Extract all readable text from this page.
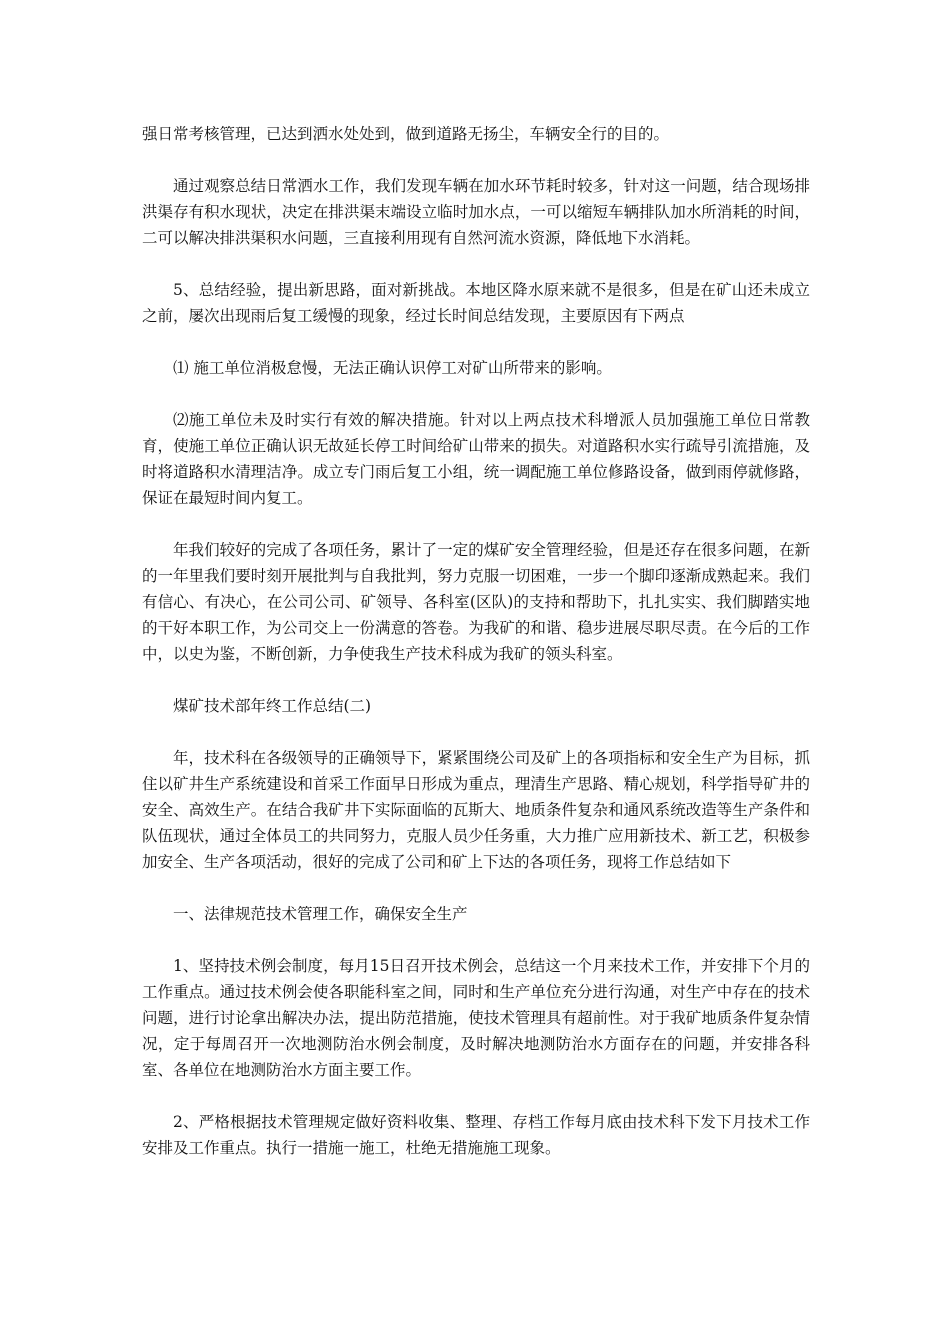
强日常考核管理，已达到洒水处处到，做到道路无扬尘，车辆安全行的目的。

通过观察总结日常洒水工作，我们发现车辆在加水环节耗时较多，针对这一问题，结合现场排洪渠存有积水现状，决定在排洪渠末端设立临时加水点，一可以缩短车辆排队加水所消耗的时间，二可以解决排洪渠积水问题，三直接利用现有自然河流水资源，降低地下水消耗。

5、总结经验，提出新思路，面对新挑战。本地区降水原来就不是很多，但是在矿山还未成立之前，屡次出现雨后复工缓慢的现象，经过长时间总结发现，主要原因有下两点

⑴ 施工单位消极怠慢，无法正确认识停工对矿山所带来的影响。

⑵施工单位未及时实行有效的解决措施。针对以上两点技术科增派人员加强施工单位日常教育，使施工单位正确认识无故延长停工时间给矿山带来的损失。对道路积水实行疏导引流措施，及时将道路积水清理洁净。成立专门雨后复工小组，统一调配施工单位修路设备，做到雨停就修路，保证在最短时间内复工。

年我们较好的完成了各项任务，累计了一定的煤矿安全管理经验，但是还存在很多问题，在新的一年里我们要时刻开展批判与自我批判，努力克服一切困难，一步一个脚印逐渐成熟起来。我们有信心、有决心，在公司公司、矿领导、各科室(区队)的支持和帮助下，扎扎实实、我们脚踏实地的干好本职工作，为公司交上一份满意的答卷。为我矿的和谐、稳步进展尽职尽责。在今后的工作中，以史为鉴，不断创新，力争使我生产技术科成为我矿的领头科室。

煤矿技术部年终工作总结(二)

年，技术科在各级领导的正确领导下，紧紧围绕公司及矿上的各项指标和安全生产为目标，抓住以矿井生产系统建设和首采工作面早日形成为重点，理清生产思路、精心规划，科学指导矿井的安全、高效生产。在结合我矿井下实际面临的瓦斯大、地质条件复杂和通风系统改造等生产条件和队伍现状，通过全体员工的共同努力，克服人员少任务重，大力推广应用新技术、新工艺，积极参加安全、生产各项活动，很好的完成了公司和矿上下达的各项任务，现将工作总结如下

一、法律规范技术管理工作，确保安全生产

1、坚持技术例会制度，每月15日召开技术例会，总结这一个月来技术工作，并安排下个月的工作重点。通过技术例会使各职能科室之间，同时和生产单位充分进行沟通，对生产中存在的技术问题，进行讨论拿出解决办法，提出防范措施，使技术管理具有超前性。对于我矿地质条件复杂情况，定于每周召开一次地测防治水例会制度，及时解决地测防治水方面存在的问题，并安排各科室、各单位在地测防治水方面主要工作。

2、严格根据技术管理规定做好资料收集、整理、存档工作每月底由技术科下发下月技术工作安排及工作重点。执行一措施一施工，杜绝无措施施工现象。
